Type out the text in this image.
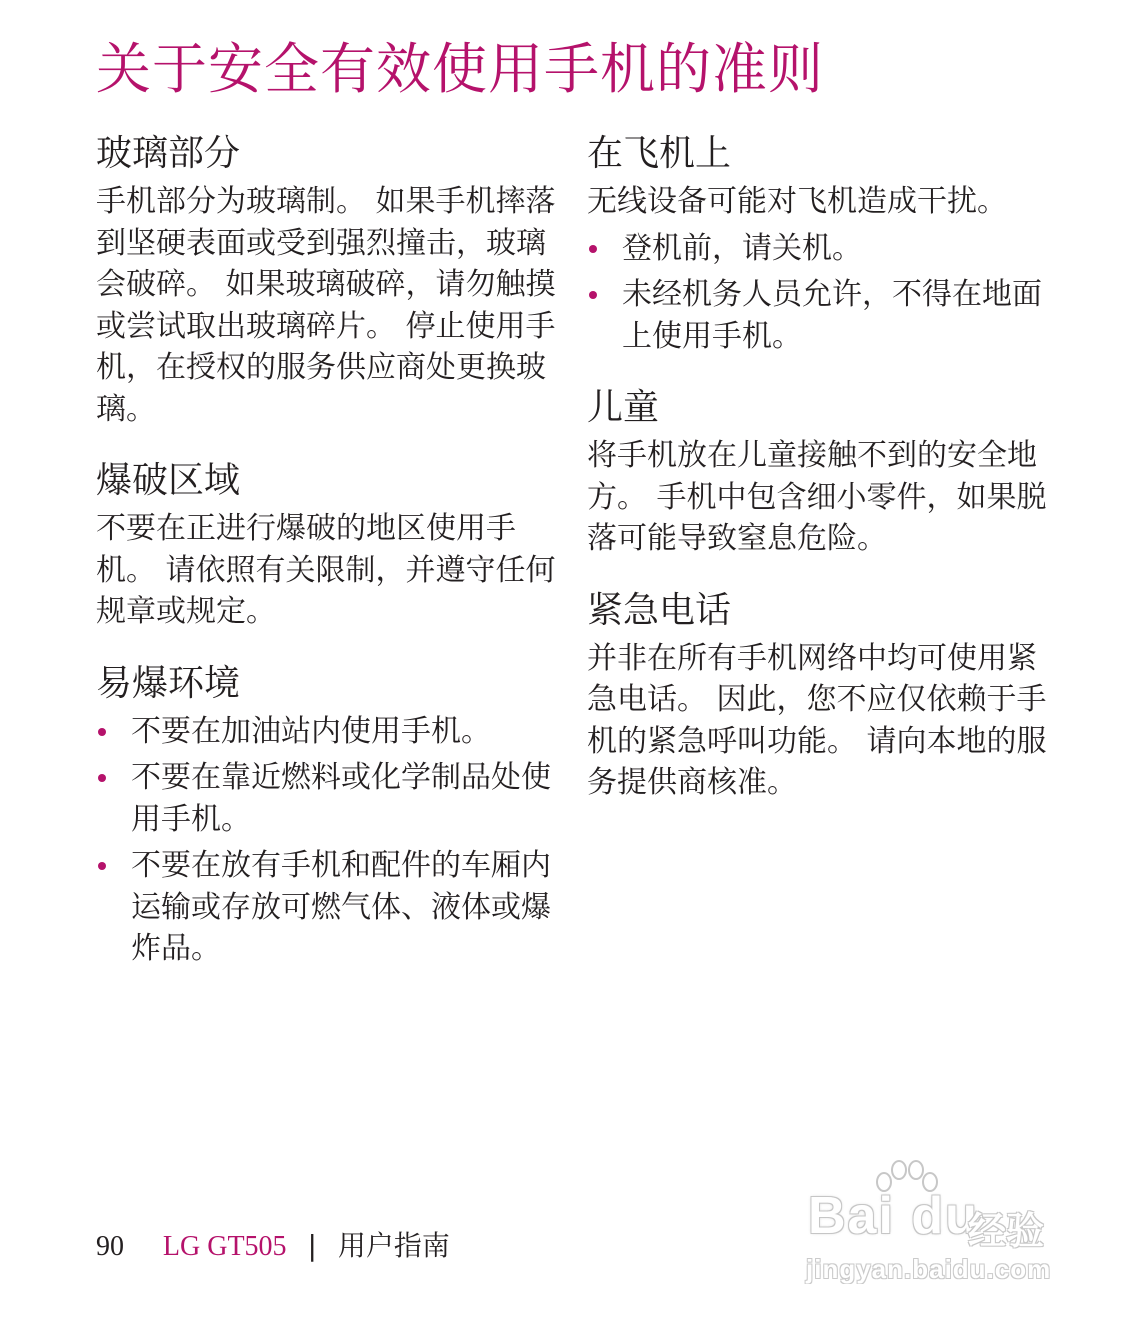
关于安全有效使用手机的准则
玻璃部分

手机部分为玻璃制。 如果手机摔落到坚硬表面或受到强烈撞击，玻璃会破碎。 如果玻璃破碎，请勿触摸或尝试取出玻璃碎片。 停止使用手机，在授权的服务供应商处更换玻璃。

爆破区域

不要在正进行爆破的地区使用手机。 请依照有关限制，并遵守任何规章或规定。

易爆环境
不要在加油站内使用手机。
不要在靠近燃料或化学制品处使用手机。
不要在放有手机和配件的车厢内运输或存放可燃气体、液体或爆炸品。
在飞机上

无线设备可能对飞机造成干扰。

登机前，请关机。
未经机务人员允许，不得在地面上使用手机。
儿童

将手机放在儿童接触不到的安全地方。 手机中包含细小零件，如果脱落可能导致窒息危险。

紧急电话

并非在所有手机网络中均可使用紧急电话。 因此，您不应仅依赖于手机的紧急呼叫功能。 请向本地的服务提供商核准。

90 LG GT505 | 用户指南
Bai du
经验
jingyan.baidu.com
